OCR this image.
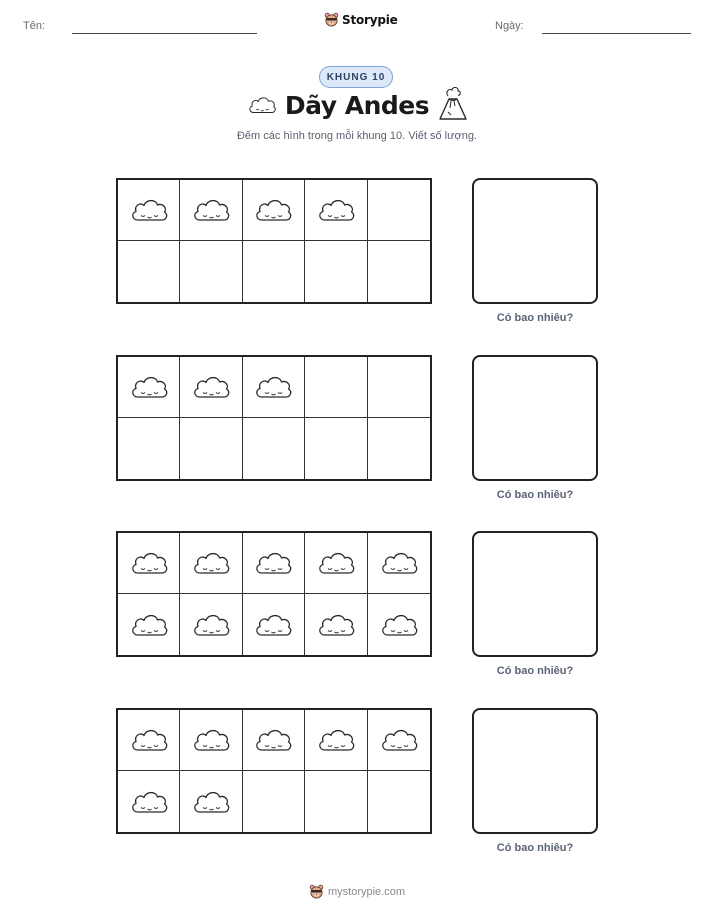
Tên:	Storypie	Ngày:
KHUNG 10
Dãy Andes
Đếm các hình trong mỗi khung 10. Viết số lượng.
Có bao nhiêu?
Có bao nhiêu?
Có bao nhiêu?
Có bao nhiêu?
mystorypie.com
